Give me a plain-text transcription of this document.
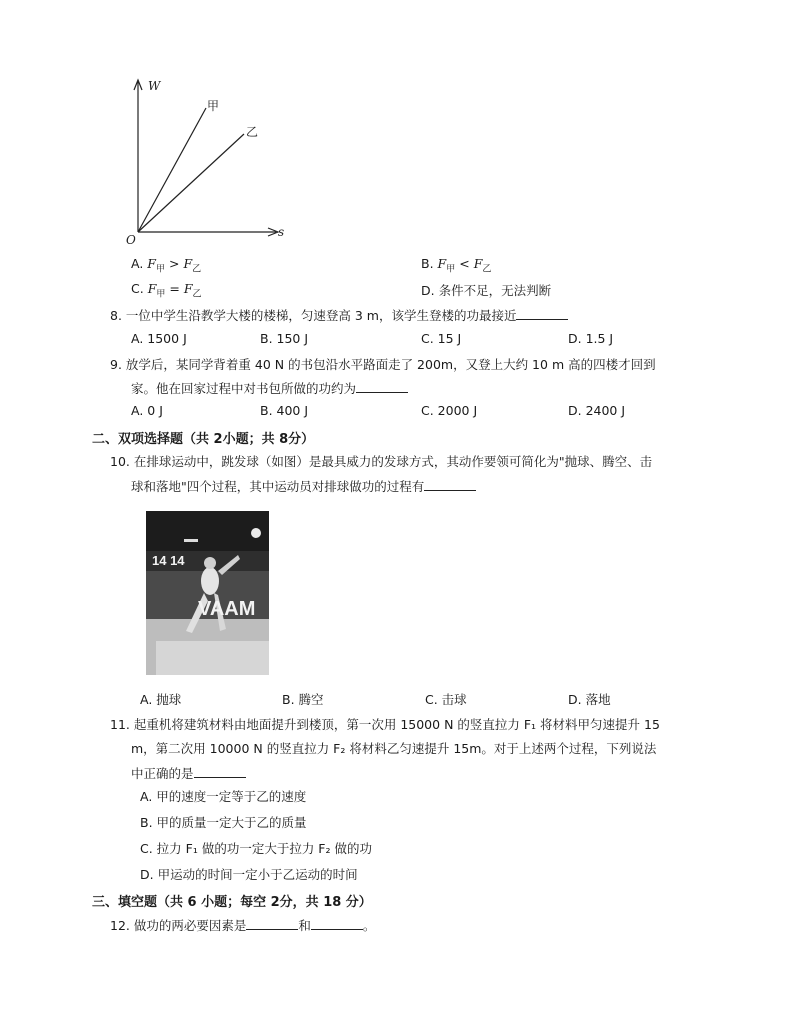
W
s
O
甲
乙
A. $F_甲 > F_乙$	B. $F_甲 < F_乙$
C. $F_甲 = F_乙$	D. 条件不足，无法判断
8. 一位中学生沿教学大楼的楼梯，匀速登高 3 m，该学生登楼的功最接近
A. 1500 J	B. 150 J	C. 15 J	D. 1.5 J
9. 放学后，某同学背着重 40 N 的书包沿水平路面走了 200m，又登上大约 10 m 高的四楼才回到
家。他在回家过程中对书包所做的功约为
A. 0 J	B. 400 J	C. 2000 J	D. 2400 J
二、双项选择题（共 2小题；共 8分）
10. 在排球运动中，跳发球（如图）是最具威力的发球方式，其动作要领可简化为"抛球、腾空、击
球和落地"四个过程，其中运动员对排球做功的过程有
14 14
VAAM
A. 抛球	B. 腾空	C. 击球	D. 落地
11. 起重机将建筑材料由地面提升到楼顶，第一次用 15000 N 的竖直拉力 F₁ 将材料甲匀速提升 15
m，第二次用 10000 N 的竖直拉力 F₂ 将材料乙匀速提升 15m。对于上述两个过程，下列说法
中正确的是
A. 甲的速度一定等于乙的速度
B. 甲的质量一定大于乙的质量
C. 拉力 F₁ 做的功一定大于拉力 F₂ 做的功
D. 甲运动的时间一定小于乙运动的时间
三、填空题（共 6 小题；每空 2分，共 18 分）
12. 做功的两必要因素是	和	。
